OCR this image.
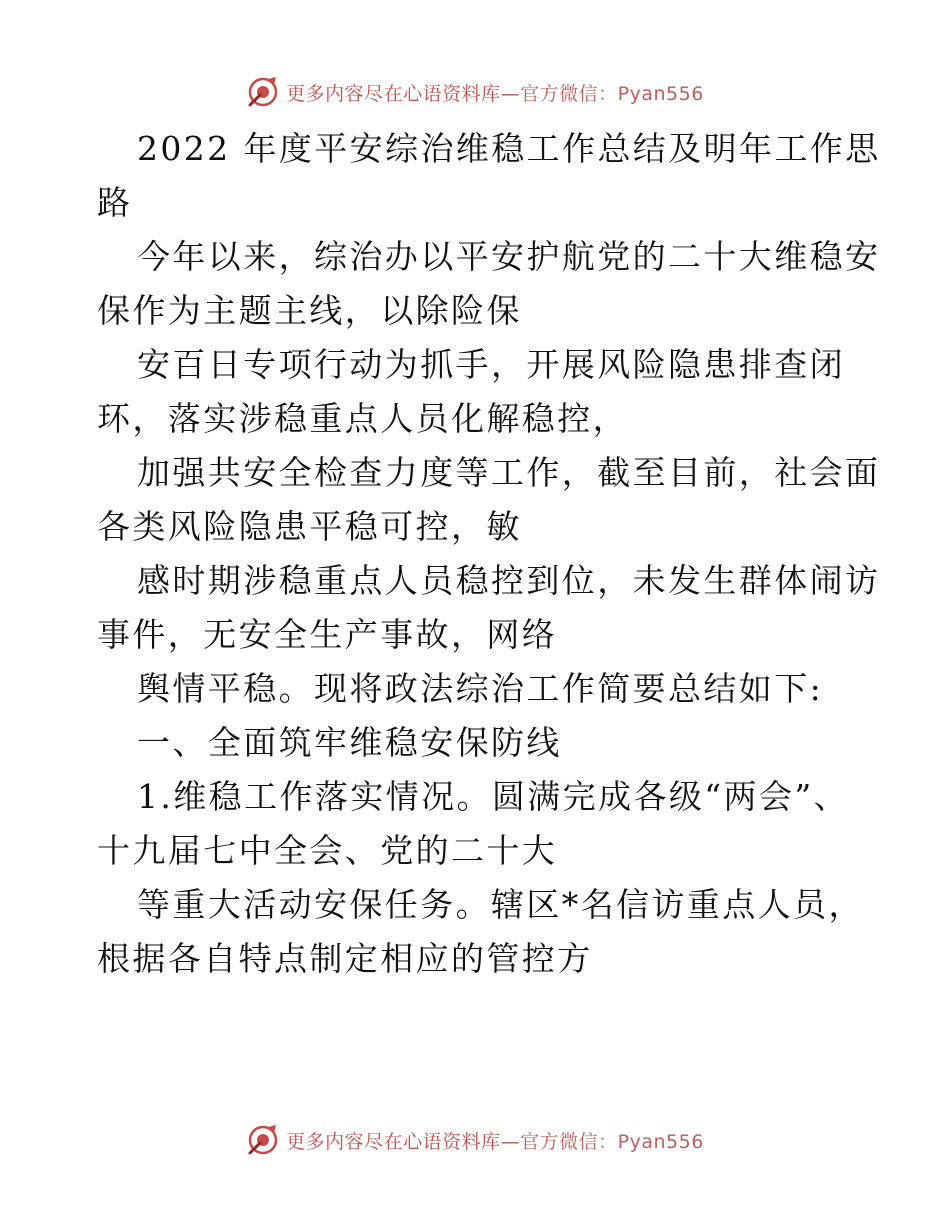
更多内容尽在心语资料库—官方微信：Pyan556
2022 年度平安综治维稳工作总结及明年工作思
路
今年以来，综治办以平安护航党的二十大维稳安
保作为主题主线，以除险保
安百日专项行动为抓手，开展风险隐患排查闭
环，落实涉稳重点人员化解稳控，
加强共安全检查力度等工作，截至目前，社会面
各类风险隐患平稳可控，敏
感时期涉稳重点人员稳控到位，未发生群体闹访
事件，无安全生产事故，网络
舆情平稳。现将政法综治工作简要总结如下:
一、全面筑牢维稳安保防线
1.维稳工作落实情况。圆满完成各级“两会”、
十九届七中全会、党的二十大
等重大活动安保任务。辖区*名信访重点人员，
根据各自特点制定相应的管控方
更多内容尽在心语资料库—官方微信：Pyan556
